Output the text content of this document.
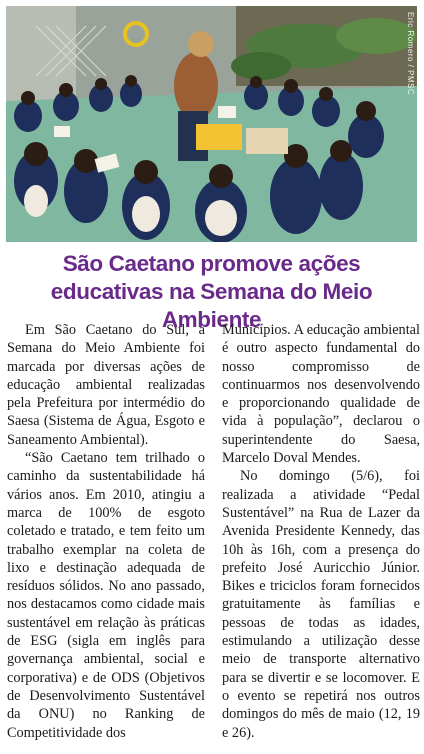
Eric Romero / PMSC
São Caetano promove ações educativas na Semana do Meio Ambiente

Em São Caetano do Sul, a Semana do Meio Ambiente foi marcada por diversas ações de educação ambiental realizadas pela Prefeitura por intermédio do Saesa (Sistema de Água, Esgoto e Saneamento Ambiental).

“São Caetano tem trilhado o caminho da sustentabilidade há vários anos. Em 2010, atingiu a marca de 100% de esgoto coletado e tratado, e tem feito um trabalho exemplar na coleta de lixo e destinação adequada de resíduos sólidos. No ano passado, nos destacamos como cidade mais sustentável em relação às práticas de ESG (sigla em inglês para governança ambiental, social e corporativa) e de ODS (Objetivos de Desenvolvimento Sustentável da ONU) no Ranking de Competitividade dos

Municípios. A educação ambiental é outro aspecto fundamental do nosso compromisso de continuarmos nos desenvolvendo e proporcionando qualidade de vida à população”, declarou o superintendente do Saesa, Marcelo Doval Mendes.

No domingo (5/6), foi realizada a atividade “Pedal Sustentável” na Rua de Lazer da Avenida Presidente Kennedy, das 10h às 16h, com a presença do prefeito José Auricchio Júnior. Bikes e triciclos foram fornecidos gratuitamente às famílias e pessoas de todas as idades, estimulando a utilização desse meio de transporte alternativo para se divertir e se locomover. E o evento se repetirá nos outros domingos do mês de maio (12, 19 e 26).
